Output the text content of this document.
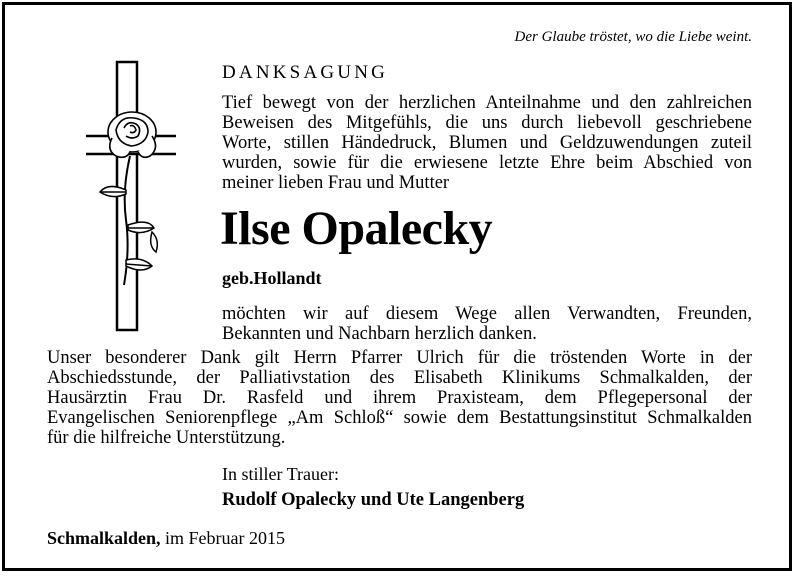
Der Glaube tröstet, wo die Liebe weint.
DANKSAGUNG
Tief bewegt von der herzlichen Anteilnahme und den zahlreichen
Beweisen des Mitgefühls, die uns durch liebevoll geschriebene
Worte, stillen Händedruck, Blumen und Geldzuwendungen zuteil
wurden, sowie für die erwiesene letzte Ehre beim Abschied von
meiner lieben Frau und Mutter
Ilse Opalecky
geb.Hollandt
möchten wir auf diesem Wege allen Verwandten, Freunden,
Bekannten und Nachbarn herzlich danken.
Unser besonderer Dank gilt Herrn Pfarrer Ulrich für die tröstenden Worte in der
Abschiedsstunde, der Palliativstation des Elisabeth Klinikums Schmalkalden, der
Hausärztin Frau Dr. Rasfeld und ihrem Praxisteam, dem Pflegepersonal der
Evangelischen Seniorenpflege „Am Schloß“ sowie dem Bestattungsinstitut Schmalkalden
für die hilfreiche Unterstützung.
In stiller Trauer:
Rudolf Opalecky und Ute Langenberg
Schmalkalden, im Februar 2015
